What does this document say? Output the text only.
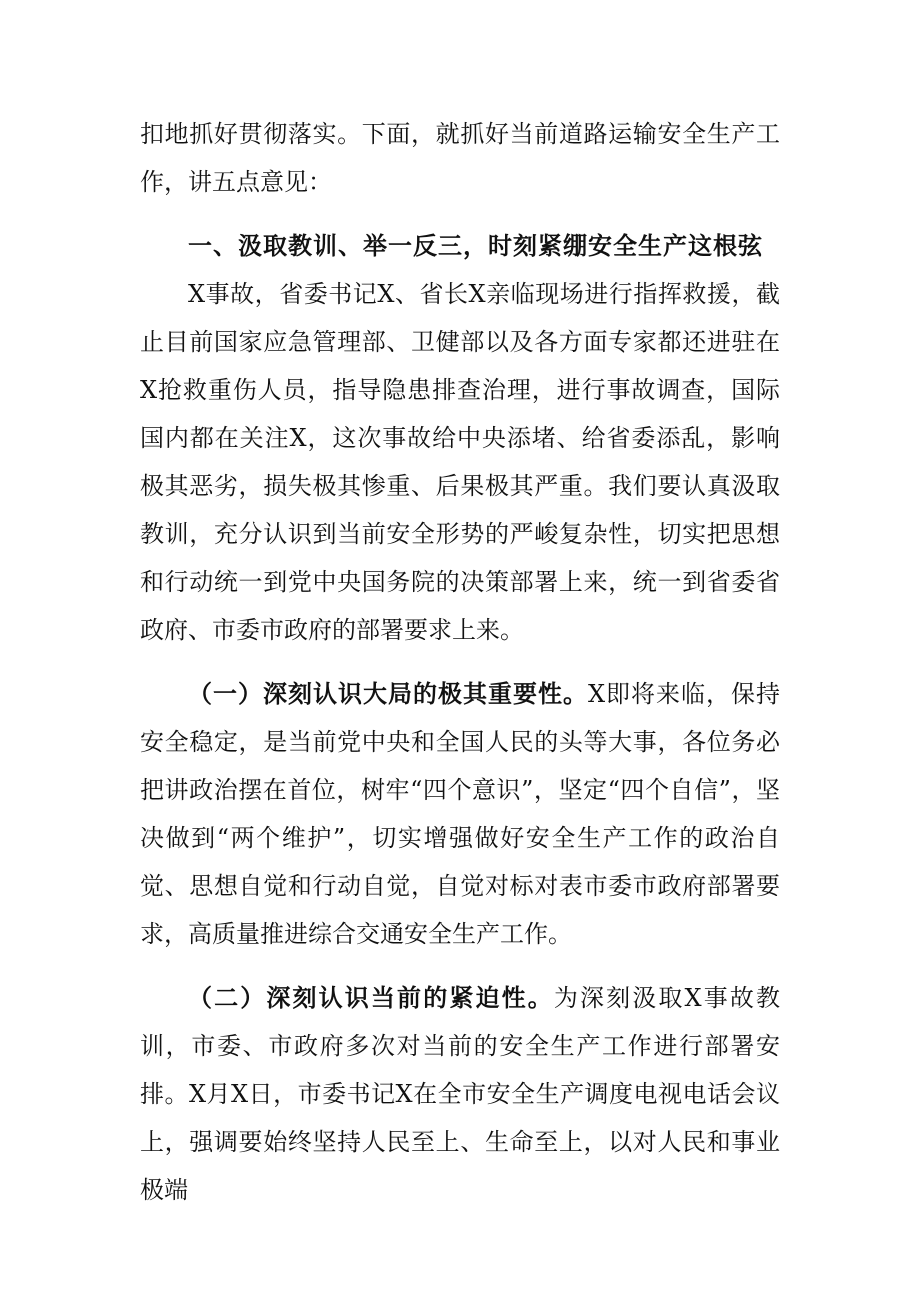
扣地抓好贯彻落实。下面，就抓好当前道路运输安全生产工作，讲五点意见：

一、汲取教训、举一反三，时刻紧绷安全生产这根弦

X事故，省委书记X、省长X亲临现场进行指挥救援，截止目前国家应急管理部、卫健部以及各方面专家都还进驻在X抢救重伤人员，指导隐患排查治理，进行事故调查，国际国内都在关注X，这次事故给中央添堵、给省委添乱，影响极其恶劣，损失极其惨重、后果极其严重。我们要认真汲取教训，充分认识到当前安全形势的严峻复杂性，切实把思想和行动统一到党中央国务院的决策部署上来，统一到省委省政府、市委市政府的部署要求上来。

（一）深刻认识大局的极其重要性。X即将来临，保持安全稳定，是当前党中央和全国人民的头等大事，各位务必把讲政治摆在首位，树牢“四个意识”，坚定“四个自信”，坚决做到“两个维护”，切实增强做好安全生产工作的政治自觉、思想自觉和行动自觉，自觉对标对表市委市政府部署要求，高质量推进综合交通安全生产工作。

（二）深刻认识当前的紧迫性。为深刻汲取X事故教训，市委、市政府多次对当前的安全生产工作进行部署安排。X月X日，市委书记X在全市安全生产调度电视电话会议上，强调要始终坚持人民至上、生命至上，以对人民和事业极端
